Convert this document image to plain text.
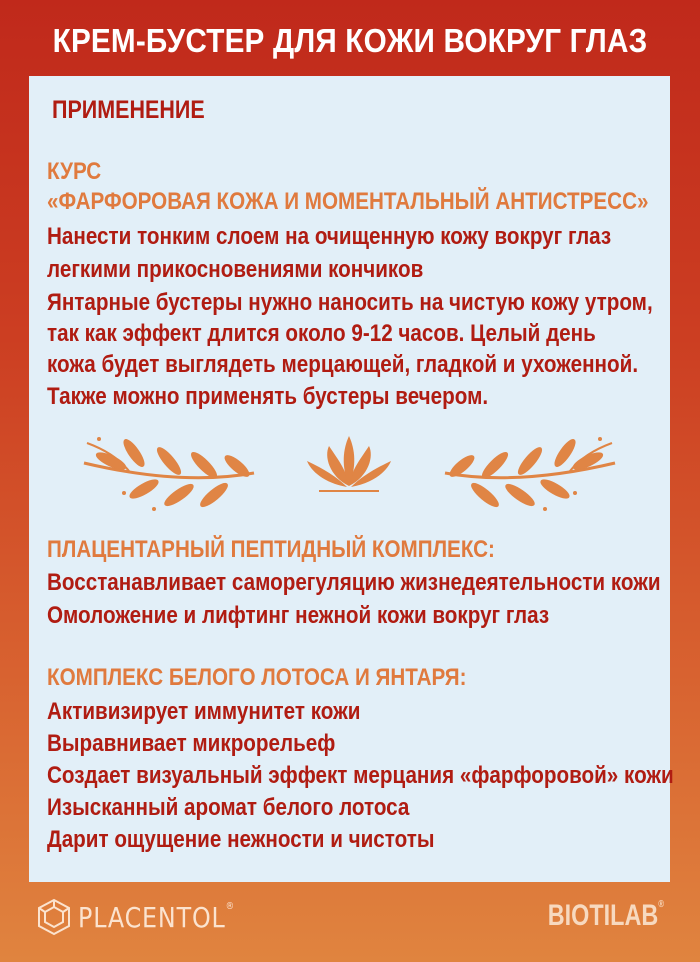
КРЕМ-БУСТЕР ДЛЯ КОЖИ ВОКРУГ ГЛАЗ
ПРИМЕНЕНИЕ
КУРС
«ФАРФОРОВАЯ КОЖА И МОМЕНТАЛЬНЫЙ АНТИСТРЕСС»
Нанести тонким слоем на очищенную кожу вокруг глаз
легкими прикосновениями кончиков
Янтарные бустеры нужно наносить на чистую кожу утром,
так как эффект длится около 9-12 часов. Целый день
кожа будет выглядеть мерцающей, гладкой и ухоженной.
Также можно применять бустеры вечером.
ПЛАЦЕНТАРНЫЙ ПЕПТИДНЫЙ КОМПЛЕКС:
Восстанавливает саморегуляцию жизнедеятельности кожи
Омоложение и лифтинг нежной кожи вокруг глаз
КОМПЛЕКС БЕЛОГО ЛОТОСА И ЯНТАРЯ:
Активизирует иммунитет кожи
Выравнивает микрорельеф
Создает визуальный эффект мерцания «фарфоровой» кожи
Изысканный аромат белого лотоса
Дарит ощущение нежности и чистоты
PLACENTOL®	BIOTILAB®
